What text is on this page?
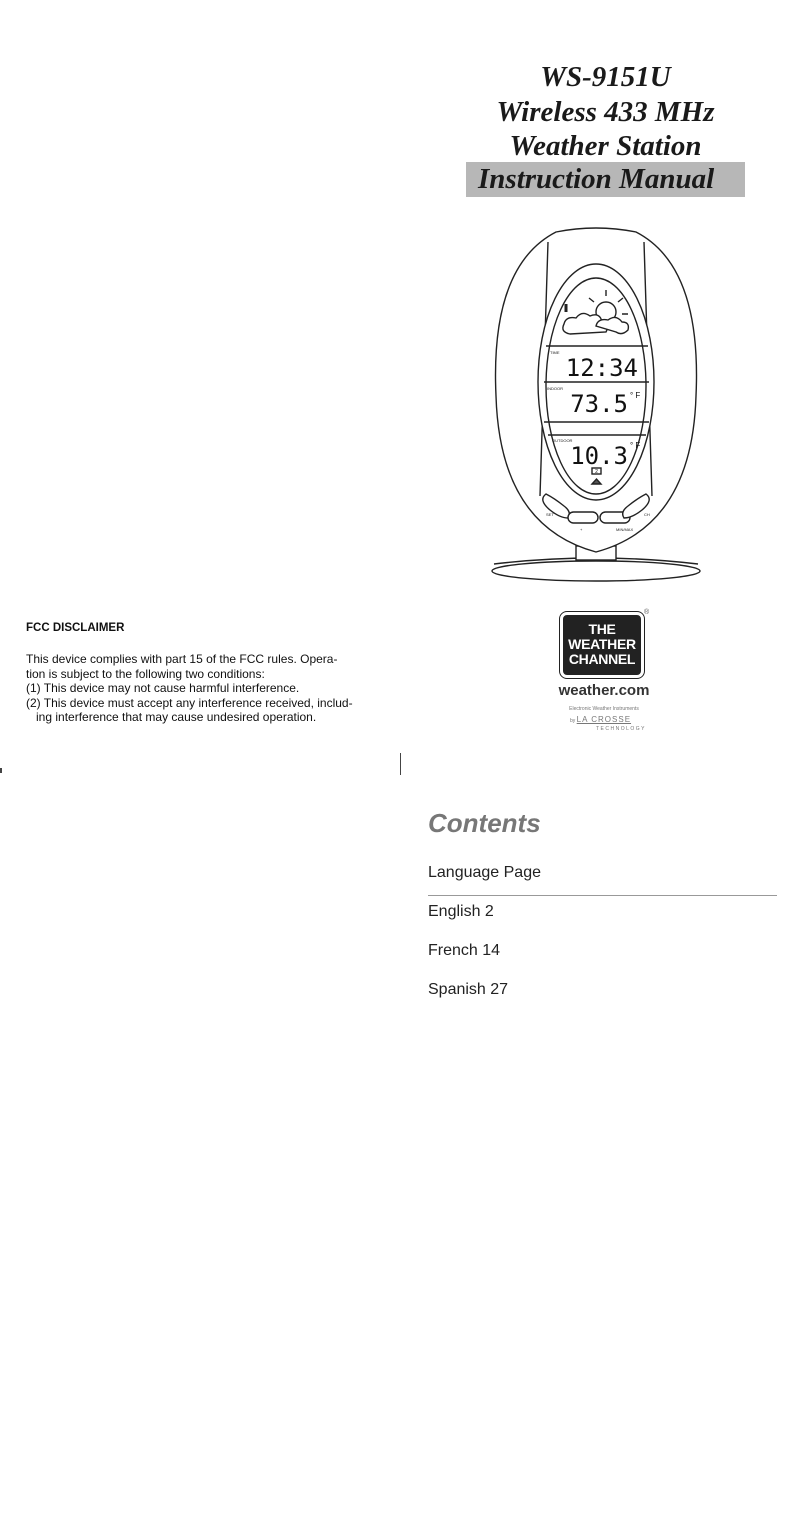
WS-9151U
Wireless 433 MHz
Weather Station
Instruction Manual
TIME
12:34
INDOOR
73.5 ° F
OUTDOOR
10.3 ° F
2
SET
+	MIN/MAX
CH
THE
WEATHER
CHANNEL
®
weather.com
Electronic Weather Instruments
by LA CROSSE
TECHNOLOGY
FCC DISCLAIMER
This device complies with part 15 of the FCC rules. Opera-
tion is subject to the following two conditions:
(1) This device may not cause harmful interference.
(2) This device must accept any interference received, includ-
ing interference that may cause undesired operation.
Contents
Language Page
English 2
French 14
Spanish 27
